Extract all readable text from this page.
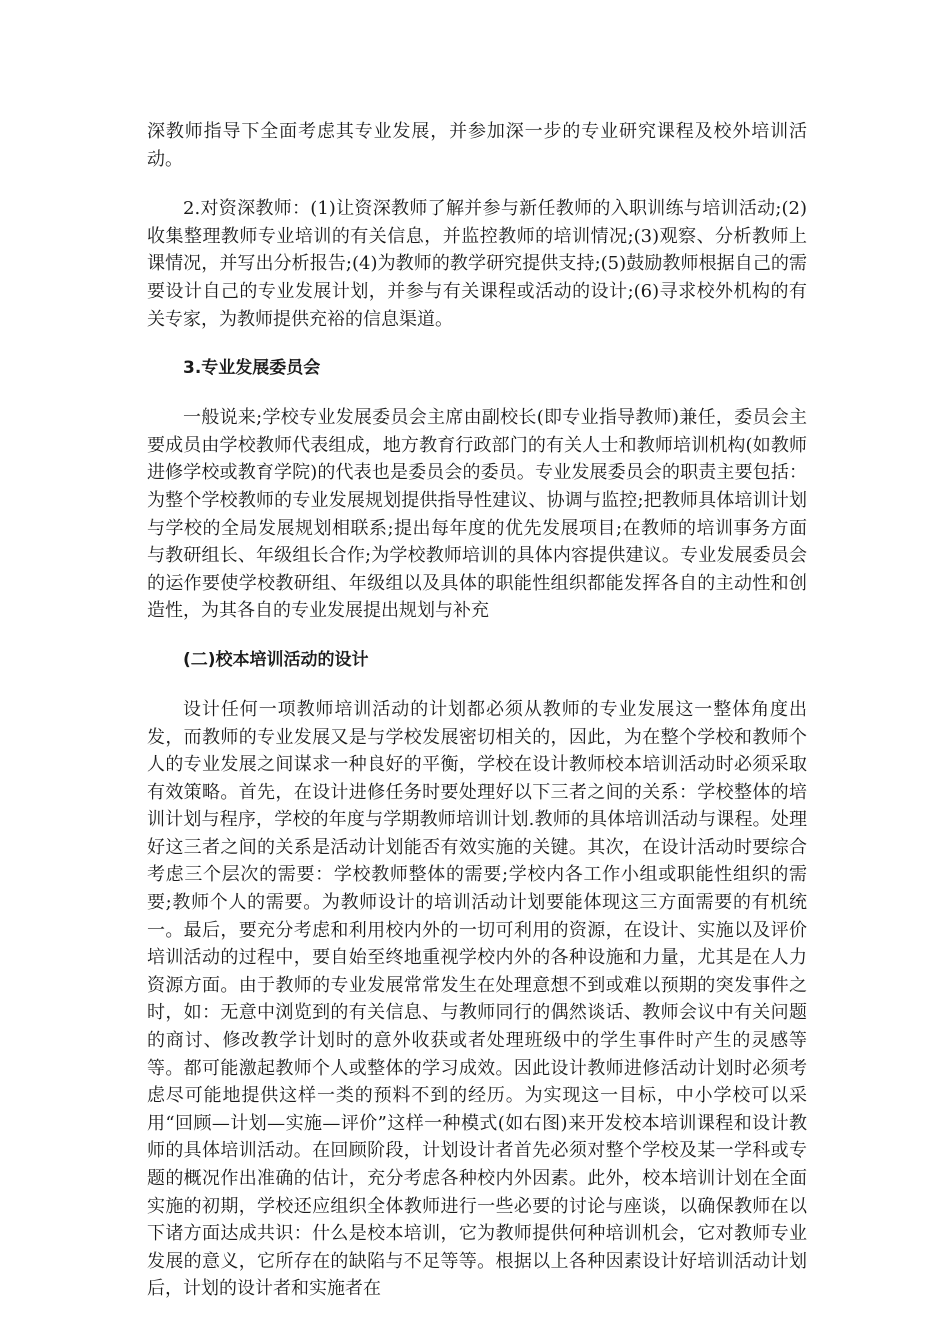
深教师指导下全面考虑其专业发展，并参加深一步的专业研究课程及校外培训活动。

2.对资深教师：(1)让资深教师了解并参与新任教师的入职训练与培训活动;(2)收集整理教师专业培训的有关信息，并监控教师的培训情况;(3)观察、分析教师上课情况，并写出分析报告;(4)为教师的教学研究提供支持;(5)鼓励教师根据自己的需要设计自己的专业发展计划，并参与有关课程或活动的设计;(6)寻求校外机构的有关专家，为教师提供充裕的信息渠道。

3.专业发展委员会

一般说来;学校专业发展委员会主席由副校长(即专业指导教师)兼任，委员会主要成员由学校教师代表组成，地方教育行政部门的有关人士和教师培训机构(如教师进修学校或教育学院)的代表也是委员会的委员。专业发展委员会的职责主要包括：为整个学校教师的专业发展规划提供指导性建议、协调与监控;把教师具体培训计划与学校的全局发展规划相联系;提出每年度的优先发展项目;在教师的培训事务方面与教研组长、年级组长合作;为学校教师培训的具体内容提供建议。专业发展委员会的运作要使学校教研组、年级组以及具体的职能性组织都能发挥各自的主动性和创造性，为其各自的专业发展提出规划与补充

(二)校本培训活动的设计

设计任何一项教师培训活动的计划都必须从教师的专业发展这一整体角度出发，而教师的专业发展又是与学校发展密切相关的，因此，为在整个学校和教师个人的专业发展之间谋求一种良好的平衡，学校在设计教师校本培训活动时必须采取有效策略。首先，在设计进修任务时要处理好以下三者之间的关系：学校整体的培训计划与程序，学校的年度与学期教师培训计划.教师的具体培训活动与课程。处理好这三者之间的关系是活动计划能否有效实施的关键。其次，在设计活动时要综合考虑三个层次的需要：学校教师整体的需要;学校内各工作小组或职能性组织的需要;教师个人的需要。为教师设计的培训活动计划要能体现这三方面需要的有机统一。最后，要充分考虑和利用校内外的一切可利用的资源，在设计、实施以及评价培训活动的过程中，要自始至终地重视学校内外的各种设施和力量，尤其是在人力资源方面。由于教师的专业发展常常发生在处理意想不到或难以预期的突发事件之时，如：无意中浏览到的有关信息、与教师同行的偶然谈话、教师会议中有关问题的商讨、修改教学计划时的意外收获或者处理班级中的学生事件时产生的灵感等等。都可能激起教师个人或整体的学习成效。因此设计教师进修活动计划时必须考虑尽可能地提供这样一类的预料不到的经历。为实现这一目标，中小学校可以采用“回顾—计划—实施—评价”这样一种模式(如右图)来开发校本培训课程和设计教师的具体培训活动。在回顾阶段，计划设计者首先必须对整个学校及某一学科或专题的概况作出准确的估计，充分考虑各种校内外因素。此外，校本培训计划在全面实施的初期，学校还应组织全体教师进行一些必要的讨论与座谈，以确保教师在以下诸方面达成共识：什么是校本培训，它为教师提供何种培训机会，它对教师专业发展的意义，它所存在的缺陷与不足等等。根据以上各种因素设计好培训活动计划后，计划的设计者和实施者在
